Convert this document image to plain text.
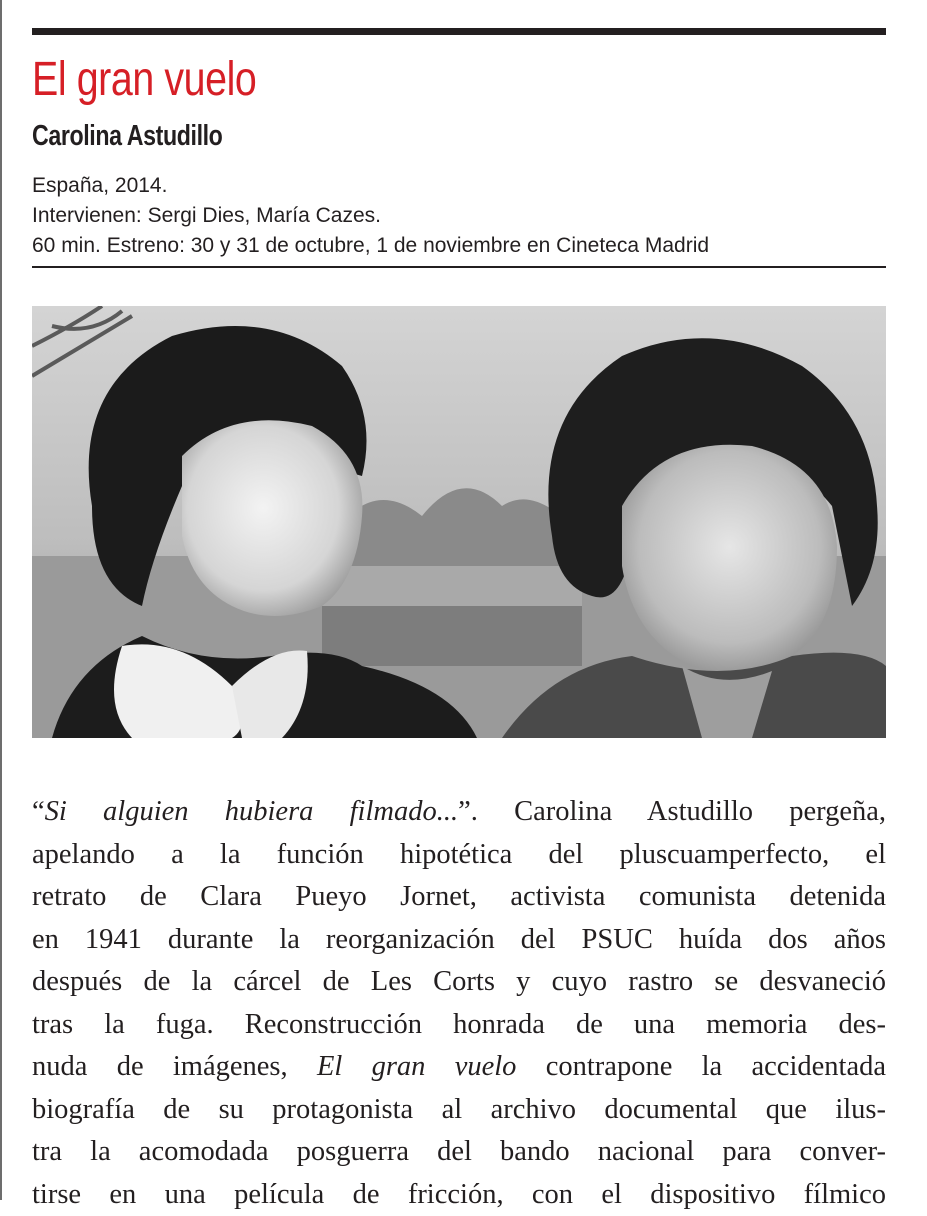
El gran vuelo
Carolina Astudillo
España, 2014.
Intervienen: Sergi Dies, María Cazes.
60 min. Estreno: 30 y 31 de octubre, 1 de noviembre en Cineteca Madrid
“Si alguien hubiera filmado...”. Carolina Astudillo pergeña,
apelando a la función hipotética del pluscuamperfecto, el
retrato de Clara Pueyo Jornet, activista comunista detenida
en 1941 durante la reorganización del PSUC huída dos años
después de la cárcel de Les Corts y cuyo rastro se desvaneció
tras la fuga. Reconstrucción honrada de una memoria des-
nuda de imágenes, El gran vuelo contrapone la accidentada
biografía de su protagonista al archivo documental que ilus-
tra la acomodada posguerra del bando nacional para conver-
tirse en una película de fricción, con el dispositivo fílmico
